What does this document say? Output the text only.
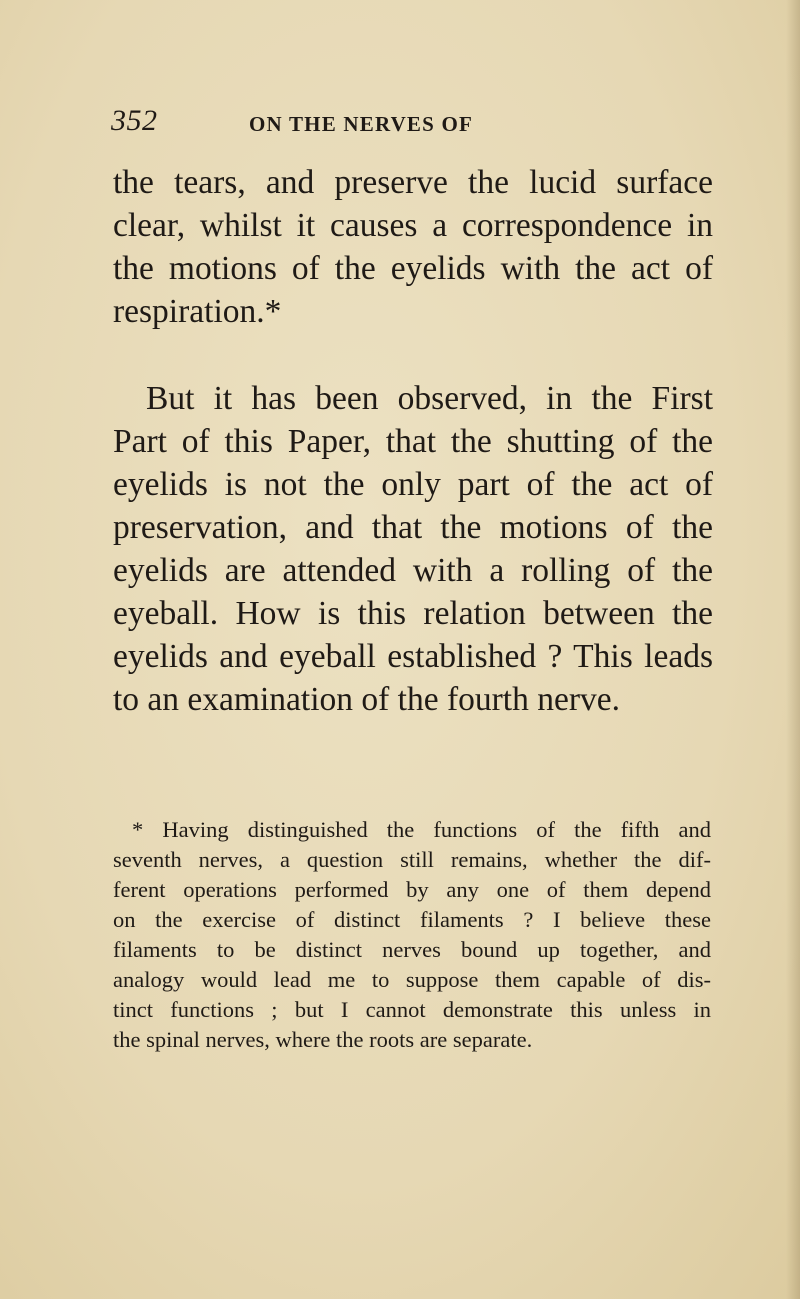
352	ON THE NERVES OF
the tears, and preserve the lucid surface
clear, whilst it causes a correspondence in
the motions of the eyelids with the act of
respiration.*
But it has been observed, in the First
Part of this Paper, that the shutting of the
eyelids is not the only part of the act of
preservation, and that the motions of the
eyelids are attended with a rolling of the
eyeball. How is this relation between the
eyelids and eyeball established ? This leads
to an examination of the fourth nerve.
* Having distinguished the functions of the fifth and
seventh nerves, a question still remains, whether the dif-
ferent operations performed by any one of them depend
on the exercise of distinct filaments ? I believe these
filaments to be distinct nerves bound up together, and
analogy would lead me to suppose them capable of dis-
tinct functions ; but I cannot demonstrate this unless in
the spinal nerves, where the roots are separate.
